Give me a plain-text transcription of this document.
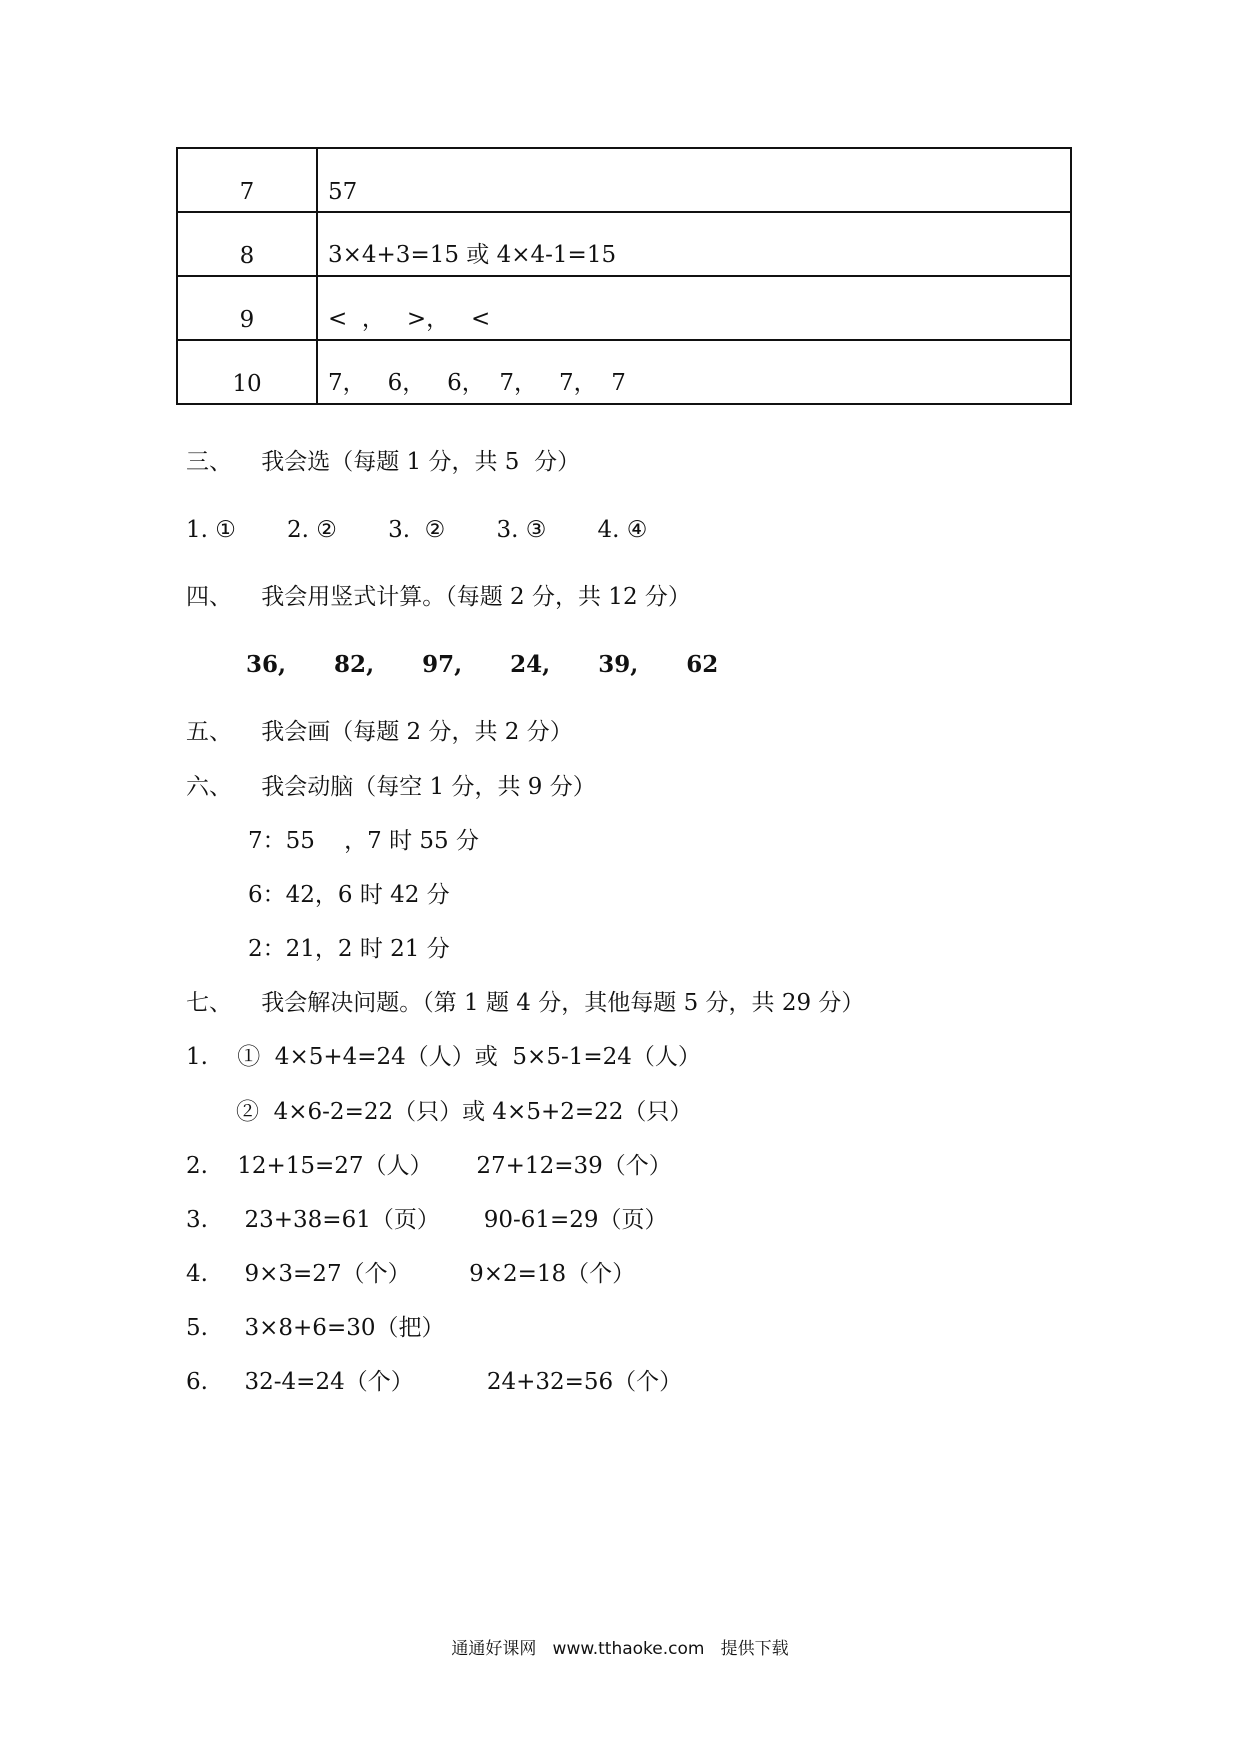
7	57
8	3×4+3=15 或 4×4-1=15
9	<  ，   >，   <
10	7，   6，   6，  7，   7，  7
三、    我会选（每题 1 分，共 5  分）
1. ①       2. ②       3.  ②       3. ③       4. ④
四、    我会用竖式计算。（每题 2 分，共 12 分）
36,      82,      97,      24,      39,      62
五、    我会画（每题 2 分，共 2 分）
六、    我会动脑（每空 1 分，共 9 分）
7：55    ，7 时 55 分
6：42，6 时 42 分
2：21，2 时 21 分
七、    我会解决问题。（第 1 题 4 分，其他每题 5 分，共 29 分）
1.    ①  4×5+4=24（人）或  5×5-1=24（人）
②  4×6-2=22（只）或 4×5+2=22（只）
2.    12+15=27（人）      27+12=39（个）
3.     23+38=61（页）      90-61=29（页）
4.     9×3=27（个）        9×2=18（个）
5.     3×8+6=30（把）
6.     32-4=24（个）          24+32=56（个）
通通好课网   www.tthaoke.com   提供下载
